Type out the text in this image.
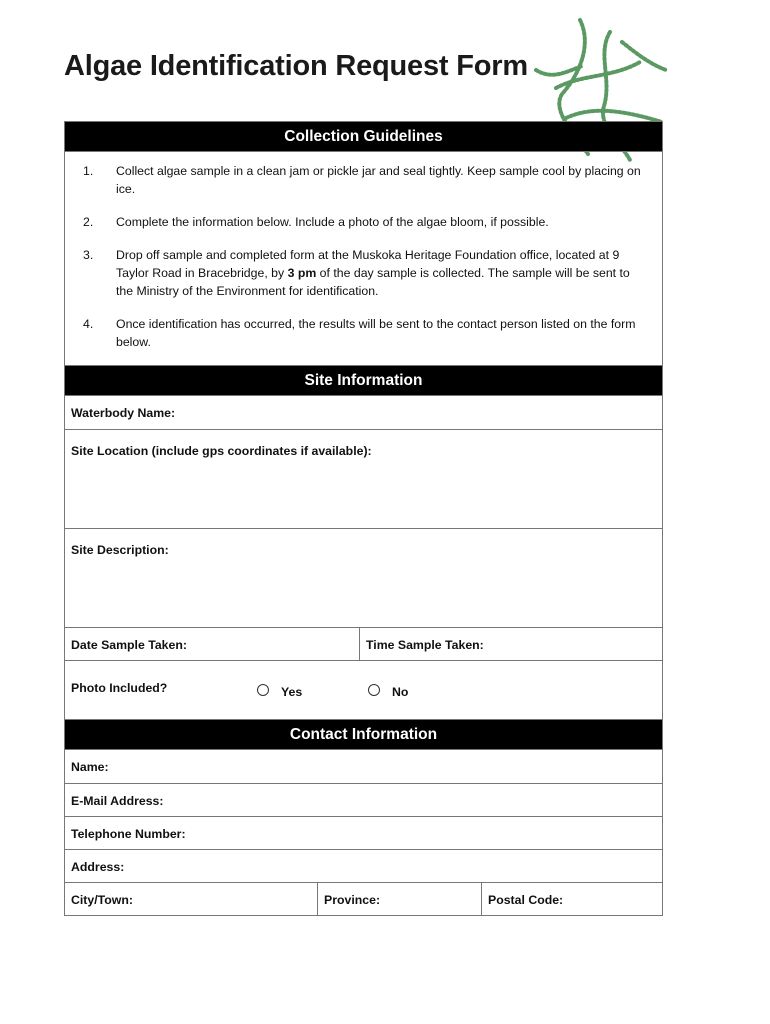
Algae Identification Request Form
Collection Guidelines
1.	Collect algae sample in a clean jam or pickle jar and seal tightly. Keep sample cool by placing on ice.
2.	Complete the information below. Include a photo of the algae bloom, if possible.
3.	Drop off sample and completed form at the Muskoka Heritage Foundation office, located at 9 Taylor Road in Bracebridge, by 3 pm of the day sample is collected. The sample will be sent to the Ministry of the Environment for identification.
4.	Once identification has occurred, the results will be sent to the contact person listed on the form below.
Site Information
Waterbody Name:
Site Location (include gps coordinates if available):
Site Description:
Date Sample Taken:	Time Sample Taken:
Photo Included?	Yes	No
Contact Information
Name:
E-Mail Address:
Telephone Number:
Address:
City/Town:	Province:	Postal Code:
